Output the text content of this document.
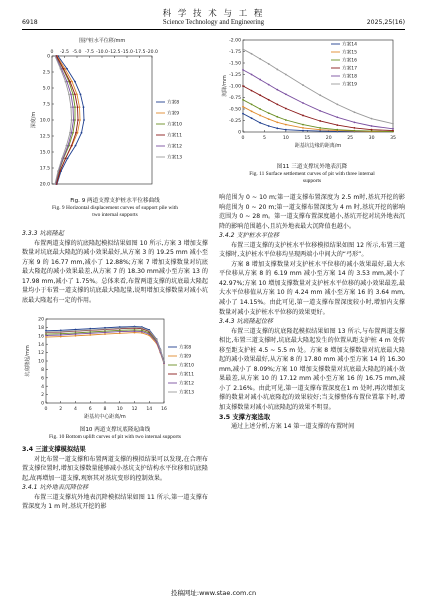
科 学 技 术 与 工 程
6918	Science Technology and Engineering	2025,25(16)
0 -2.5 -5.0 -7.5 -10.0 -12.5 -15.0 -17.5 -20.0
0
2.5
5.0
7.5
10.0
12.5
15.0
17.5
20.0
围护桩水平位移/mm
深度/m
方案8
方案9
方案10
方案11
方案12
方案13

Fig. 9 两道支撑支护桩水平位移曲线

Fig. 9 Horizontal displacement curves of support pile with

two internal supports

3.3.3 坑底隆起

布置两道支撑的坑底隆起模拟结果如图 10 所示,方案 3 增加支撑数量对坑底最大隆起的减小效果最好,从方案 3 的 19.25 mm 减小至方案 9 的 16.77 mm,减小了 12.88%;方案 7 增加支撑数量对坑底最大隆起的减小效果最差,从方案 7 的 18.30 mm减小至方案 13 的 17.98 mm,减小了 1.75%。总体来看,布置两道支撑的坑底最大隆起量均小于布置一道支撑的坑底最大隆起量,说明增加支撑数量对减小坑底最大隆起有一定的作用。

0	2	4	6	8 10 12 14 16
0
2
4
6
8
10
12
14
16
18
20
距基坑中心距离/m
坑底隆起/mm	方案8
方案9
方案10
方案11
方案12
方案13

图10 两道支撑坑底隆起曲线

Fig. 10 Bottom uplift curves of pit with two internal supports

3.4 三道支撑模拟结果

对比布置一道支撑和布置两道支撑的模拟结果可以发现,在合理布置支撑位置时,增加支撑数量能够减小基坑支护结构水平位移和坑底隆起,故再增加一道支撑,观察其对基坑变形的控制效果。

3.4.1 坑外地表沉降位移

布置三道支撑坑外地表沉降模拟结果如图 11 所示,第一道支撑布置深度为 1 m 时,基坑开挖的影

0	5	10	15	20	25	30	35
0
-0.25
-0.50
-0.75
-1.00
-1.25
-1.50
-1.75
-2.00
距基坑边缘的距离/m
沉降/mm
方案14
方案15
方案16
方案17
方案18
方案19

图11 三道支撑坑外地表沉降

Fig. 11 Surface settlement curves of pit with three internal

supports

响范围为 0 ~ 10 m;第一道支撑布置深度为 2.5 m时,基坑开挖的影响范围为 0 ~ 20 m;第一道支撑布置深度为 4 m 时,基坑开挖的影响范围为 0 ~ 28 m。第一道支撑布置深度越小,基坑开挖对坑外地表沉降的影响范围越小,且坑外地表最大沉降值也越小。

3.4.2 支护桩水平位移

布置三道支撑的支护桩水平位移模拟结果如图 12 所示,布置三道支撑时,支护桩水平位移均呈现两端小中间大的“弓形”。

方案 8 增加支撑数量对支护桩水平位移的减小效果最好,最大水平位移从方案 8 的 6.19 mm 减小至方案 14 的 3.53 mm,减小了 42.97%;方案 10 增加支撑数量对支护桩水平位移的减小效果最差,最大水平位移值从方案 10 的 4.24 mm 减小至方案 16 的 3.64 mm,减小了 14.15%。由此可见,第一道支撑布置深度较小时,增加内支撑数量对减小支护桩水平位移的效果更好。

3.4.3 坑底隆起位移

布置三道支撑的坑底隆起模拟结果如图 13 所示,与布置两道支撑相比,布置三道支撑时,坑底最大隆起发生的位置从距支护桩 4 m 处转移至距支护桩 4.5 ~ 5.5 m 处。方案 8 增加支撑数量对坑底最大隆起的减小效果最好,从方案 8 的 17.80 mm 减小至方案 14 的 16.30 mm,减小了 8.09%;方案 10 增加支撑数量对坑底最大隆起的减小效果最差,从方案 10 的 17.12 mm 减小至方案 16 的 16.75 mm,减小了 2.16%。由此可见,第一道支撑布置深度在1 m 处时,再次增加支撑的数量对减小坑底隆起的效果较好;当支撑整体布置位置靠下时,增加支撑数量对减小坑底隆起的效果不明显。

3.5 支撑方案选取

通过上述分析,方案 14 第一道支撑的布置时间

投稿网址:www.stae.com.cn
